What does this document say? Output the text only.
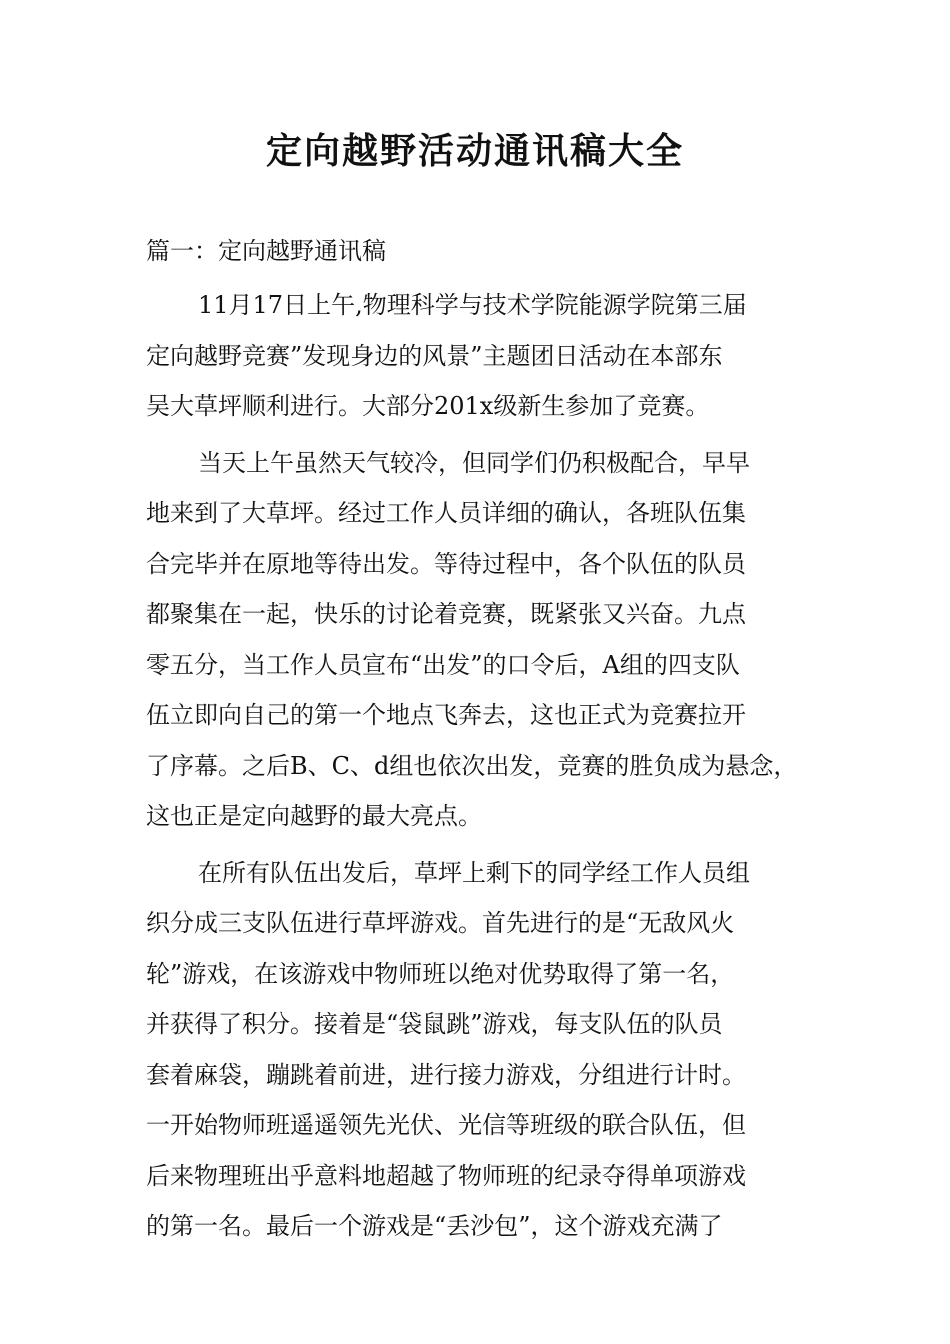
定向越野活动通讯稿大全
篇一：定向越野通讯稿
11月17日上午,物理科学与技术学院能源学院第三届
定向越野竞赛”发现身边的风景”主题团日活动在本部东
吴大草坪顺利进行。大部分201x级新生参加了竞赛。
当天上午虽然天气较冷，但同学们仍积极配合，早早
地来到了大草坪。经过工作人员详细的确认，各班队伍集
合完毕并在原地等待出发。等待过程中，各个队伍的队员
都聚集在一起，快乐的讨论着竞赛，既紧张又兴奋。九点
零五分，当工作人员宣布“出发”的口令后，A组的四支队
伍立即向自己的第一个地点飞奔去，这也正式为竞赛拉开
了序幕。之后B、C、d组也依次出发，竞赛的胜负成为悬念，
这也正是定向越野的最大亮点。
在所有队伍出发后，草坪上剩下的同学经工作人员组
织分成三支队伍进行草坪游戏。首先进行的是“无敌风火
轮”游戏，在该游戏中物师班以绝对优势取得了第一名，
并获得了积分。接着是“袋鼠跳”游戏，每支队伍的队员
套着麻袋，蹦跳着前进，进行接力游戏，分组进行计时。
一开始物师班遥遥领先光伏、光信等班级的联合队伍，但
后来物理班出乎意料地超越了物师班的纪录夺得单项游戏
的第一名。最后一个游戏是“丢沙包”，这个游戏充满了
